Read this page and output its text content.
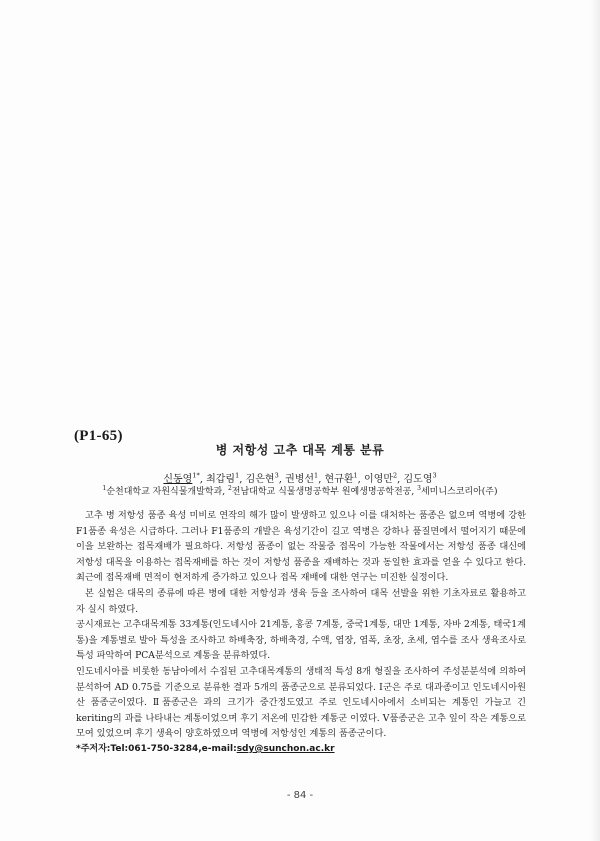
(P1-65)
병 저항성 고추 대목 계통 분류
신동영$^{1*}$, 최갑림$^1$, 김은현$^3$, 권병선$^1$, 현규환$^1$, 이영만$^2$, 김도영$^3$
$^1$순천대학교 자원식물개발학과, $^2$전남대학교 식물생명공학부 원예생명공학전공, $^3$세미니스코리아(주)

고추 병 저항성 품종 육성 미비로 연작의 해가 많이 발생하고 있으나 이를 대처하는 품종은 없으며 역병에 강한 F1품종 육성은 시급하다. 그러나 F1품종의 개발은 육성기간이 길고 역병은 강하나 품질면에서 떨어지기 때문에 이을 보완하는 접목재배가 필요하다. 저항성 품종이 없는 작물중 접목이 가능한 작물에서는 저항성 품종 대신에 저항성 대목을 이용하는 접목재배를 하는 것이 저항성 품종을 재배하는 것과 동일한 효과를 얻을 수 있다고 한다. 최근에 접목재배 면적이 현저하게 증가하고 있으나 접목 재배에 대한 연구는 미진한 실정이다.

본 실험은 대목의 종류에 따른 병에 대한 저항성과 생육 등을 조사하여 대목 선발을 위한 기초자료로 활용하고 자 실시 하였다.

공시재료는 고추대목계통 33계통(인도네시아 21계통, 홍콩 7계통, 중국1계통, 대만 1계통, 자바 2계통, 태국1계통)을 계통별로 발아 특성을 조사하고 하배축장, 하배축경, 수액, 엽장, 엽폭, 초장, 초세, 엽수를 조사 생육조사로 특성 파악하여 PCA분석으로 계통을 분류하였다.

인도네시아를 비롯한 동남아에서 수집된 고추대목계통의 생태적 특성 8개 형질을 조사하여 주성분분석에 의하여 분석하여 AD 0.75를 기준으로 분류한 결과 5개의 품종군으로 분류되었다. Ⅰ군은 주로 대과종이고 인도네시아원산 품종군이였다. Ⅱ품종군은 과의 크기가 중간정도였고 주로 인도네시아에서 소비되는 계통인 가늘고 긴 keriting의 과를 나타내는 계통이었으며 후기 저온에 민감한 계통군 이였다. Ⅴ품종군은 고추 잎이 작은 계통으로 모여 있었으며 후기 생육이 양호하였으며 역병에 저항성인 계통의 품종군이다.

*주저자:Tel:061-750-3284,e-mail:sdy@sunchon.ac.kr

- 84 -
